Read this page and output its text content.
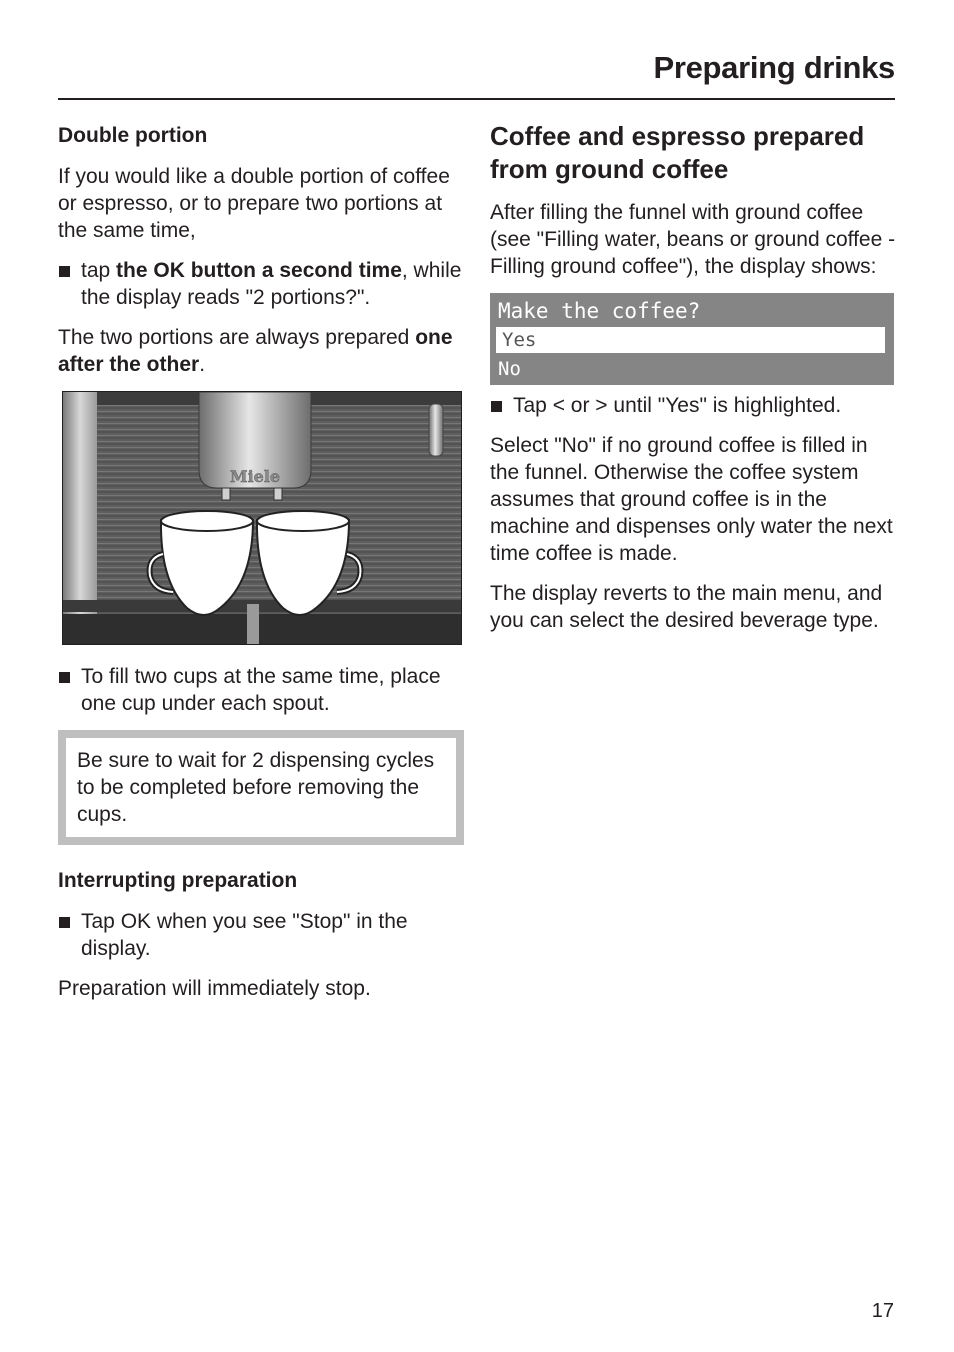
Preparing drinks
Double portion

If you would like a double portion of coffee or espresso, or to prepare two portions at the same time,

tap the OK button a second time, while the display reads "2 portions?".

The two portions are always prepared one after the other.

Miele
To fill two cups at the same time, place one cup under each spout.
Be sure to wait for 2 dispensing cycles to be completed before removing the cups.
Interrupting preparation
Tap OK when you see "Stop" in the display.

Preparation will immediately stop.

Coffee and espresso prepared from ground coffee

After filling the funnel with ground coffee (see "Filling water, beans or ground coffee - Filling ground coffee"), the display shows:

Make the coffee?
Yes
No
Tap < or > until "Yes" is highlighted.

Select "No" if no ground coffee is filled in the funnel. Otherwise the coffee system assumes that ground coffee is in the machine and dispenses only water the next time coffee is made.

The display reverts to the main menu, and you can select the desired beverage type.

17
